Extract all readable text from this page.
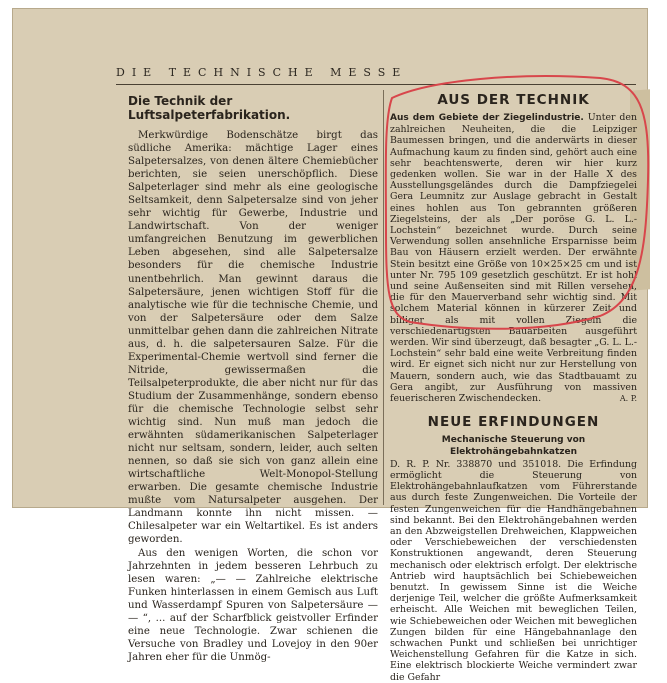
DIE TECHNISCHE MESSE
Die Technik der Luftsalpeterfabrikation.

Merkwürdige Bodenschätze birgt das südliche Amerika: mächtige Lager eines Salpetersalzes, von denen ältere Chemiebücher berichten, sie seien unerschöpflich. Diese Salpeterlager sind mehr als eine geologische Seltsamkeit, denn Salpetersalze sind von jeher sehr wichtig für Gewerbe, Industrie und Landwirtschaft. Von der weniger umfangreichen Benutzung im gewerblichen Leben abgesehen, sind alle Salpetersalze besonders für die chemische Industrie unentbehrlich. Man gewinnt daraus die Salpetersäure, jenen wichtigen Stoff für die analytische wie für die technische Chemie, und von der Salpetersäure oder dem Salze unmittelbar gehen dann die zahlreichen Nitrate aus, d. h. die salpetersauren Salze. Für die Experimental-Chemie wertvoll sind ferner die Nitride, gewissermaßen die Teilsalpeterprodukte, die aber nicht nur für das Studium der Zusammenhänge, sondern ebenso für die chemische Technologie selbst sehr wichtig sind. Nun muß man jedoch die erwähnten südamerikanischen Salpeterlager nicht nur seltsam, sondern, leider, auch selten nennen, so daß sie sich von ganz allein eine wirtschaftliche Welt-Monopol-Stellung erwarben. Die gesamte chemische Industrie mußte vom Natursalpeter ausgehen. Der Landmann konnte ihn nicht missen. — Chilesalpeter war ein Weltartikel. Es ist anders geworden.

Aus den wenigen Worten, die schon vor Jahrzehnten in jedem besseren Lehrbuch zu lesen waren: „— — Zahlreiche elektrische Funken hinterlassen in einem Gemisch aus Luft und Wasserdampf Spuren von Salpetersäure — — “, ... auf der Scharfblick geistvoller Erfinder eine neue Technologie. Zwar schienen die Versuche von Bradley und Lovejoy in den 90er Jahren eher für die Unmög-

AUS DER TECHNIK

Aus dem Gebiete der Ziegelindustrie. Unter den zahlreichen Neuheiten, die die Leipziger Baumessen bringen, und die anderwärts in dieser Aufmachung kaum zu finden sind, gehört auch eine sehr beachtenswerte, deren wir hier kurz gedenken wollen. Sie war in der Halle X des Ausstellungsgeländes durch die Dampfziegelei Gera Leumnitz zur Auslage gebracht in Gestalt eines hohlen aus Ton gebrannten größeren Ziegelsteins, der als „Der poröse G. L. L.-Lochstein“ bezeichnet wurde. Durch seine Verwendung sollen ansehnliche Ersparnisse beim Bau von Häusern erzielt werden. Der erwähnte Stein besitzt eine Größe von 10×25×25 cm und ist unter Nr. 795 109 gesetzlich geschützt. Er ist hohl und seine Außenseiten sind mit Rillen versehen, die für den Mauerverband sehr wichtig sind. Mit solchem Material können in kürzerer Zeit und billiger als mit vollen Ziegeln die verschiedenartigsten Bauarbeiten ausgeführt werden. Wir sind überzeugt, daß besagter „G. L. L.-Lochstein“ sehr bald eine weite Verbreitung finden wird. Er eignet sich nicht nur zur Herstellung von Mauern, sondern auch, wie das Stadtbauamt zu Gera angibt, zur Ausführung von massiven feuerischeren Zwischendecken.	A. P.

NEUE ERFINDUNGEN

Mechanische Steuerung von Elektrohängebahnkatzen

D. R. P. Nr. 338870 und 351018. Die Erfindung ermöglicht die Steuerung von Elektrohängebahnlaufkatzen vom Führerstande aus durch feste Zungenweichen. Die Vorteile der festen Zungenweichen für die Handhängebahnen sind bekannt. Bei den Elektrohängebahnen werden an den Abzweigstellen Drehweichen, Klappweichen oder Verschiebeweichen der verschiedensten Konstruktionen angewandt, deren Steuerung mechanisch oder elektrisch erfolgt. Der elektrische Antrieb wird hauptsächlich bei Schiebeweichen benutzt. In gewissem Sinne ist die Weiche derjenige Teil, welcher die größte Aufmerksamkeit erheischt. Alle Weichen mit beweglichen Teilen, wie Schiebeweichen oder Weichen mit beweglichen Zungen bilden für eine Hängebahnanlage den schwachen Punkt und schließen bei unrichtiger Weichenstellung Gefahren für die Katze in sich. Eine elektrisch blockierte Weiche vermindert zwar die Gefahr
